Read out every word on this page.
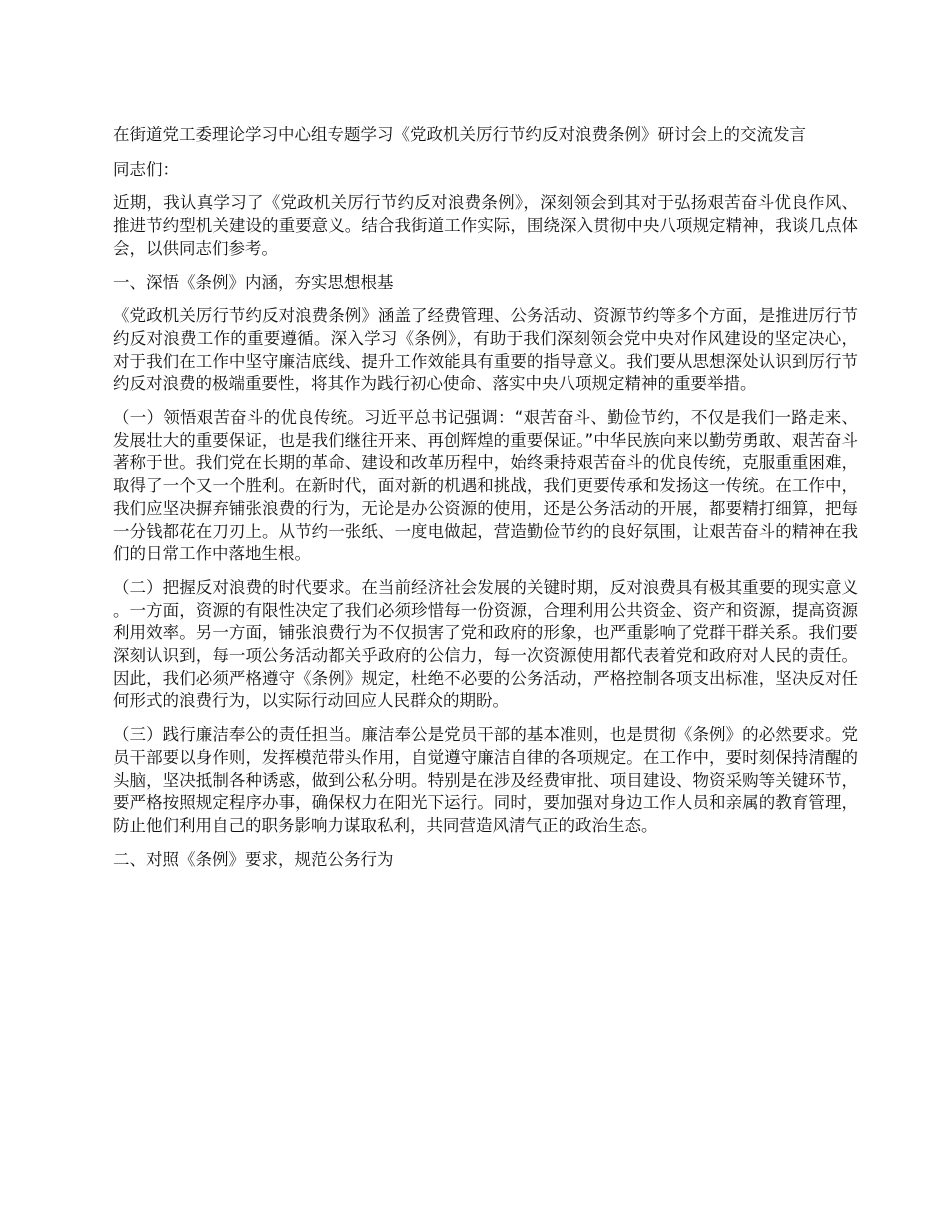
在街道党工委理论学习中心组专题学习《党政机关厉行节约反对浪费条例》研讨会上的交流发言

同志们：

近期，我认真学习了《党政机关厉行节约反对浪费条例》，深刻领会到其对于弘扬艰苦奋斗优良作风、推进节约型机关建设的重要意义。结合我街道工作实际，围绕深入贯彻中央八项规定精神，我谈几点体会，以供同志们参考。

一、深悟《条例》内涵，夯实思想根基

《党政机关厉行节约反对浪费条例》涵盖了经费管理、公务活动、资源节约等多个方面，是推进厉行节约反对浪费工作的重要遵循。深入学习《条例》，有助于我们深刻领会党中央对作风建设的坚定决心，对于我们在工作中坚守廉洁底线、提升工作效能具有重要的指导意义。我们要从思想深处认识到厉行节约反对浪费的极端重要性，将其作为践行初心使命、落实中央八项规定精神的重要举措。

（一）领悟艰苦奋斗的优良传统。习近平总书记强调：“艰苦奋斗、勤俭节约，不仅是我们一路走来、发展壮大的重要保证，也是我们继往开来、再创辉煌的重要保证。”中华民族向来以勤劳勇敢、艰苦奋斗著称于世。我们党在长期的革命、建设和改革历程中，始终秉持艰苦奋斗的优良传统，克服重重困难，取得了一个又一个胜利。在新时代，面对新的机遇和挑战，我们更要传承和发扬这一传统。在工作中，我们应坚决摒弃铺张浪费的行为，无论是办公资源的使用，还是公务活动的开展，都要精打细算，把每一分钱都花在刀刃上。从节约一张纸、一度电做起，营造勤俭节约的良好氛围，让艰苦奋斗的精神在我们的日常工作中落地生根。

（二）把握反对浪费的时代要求。在当前经济社会发展的关键时期，反对浪费具有极其重要的现实意义。一方面，资源的有限性决定了我们必须珍惜每一份资源，合理利用公共资金、资产和资源，提高资源利用效率。另一方面，铺张浪费行为不仅损害了党和政府的形象，也严重影响了党群干群关系。我们要深刻认识到，每一项公务活动都关乎政府的公信力，每一次资源使用都代表着党和政府对人民的责任。因此，我们必须严格遵守《条例》规定，杜绝不必要的公务活动，严格控制各项支出标准，坚决反对任何形式的浪费行为，以实际行动回应人民群众的期盼。

（三）践行廉洁奉公的责任担当。廉洁奉公是党员干部的基本准则，也是贯彻《条例》的必然要求。党员干部要以身作则，发挥模范带头作用，自觉遵守廉洁自律的各项规定。在工作中，要时刻保持清醒的头脑，坚决抵制各种诱惑，做到公私分明。特别是在涉及经费审批、项目建设、物资采购等关键环节，要严格按照规定程序办事，确保权力在阳光下运行。同时，要加强对身边工作人员和亲属的教育管理，防止他们利用自己的职务影响力谋取私利，共同营造风清气正的政治生态。

二、对照《条例》要求，规范公务行为
